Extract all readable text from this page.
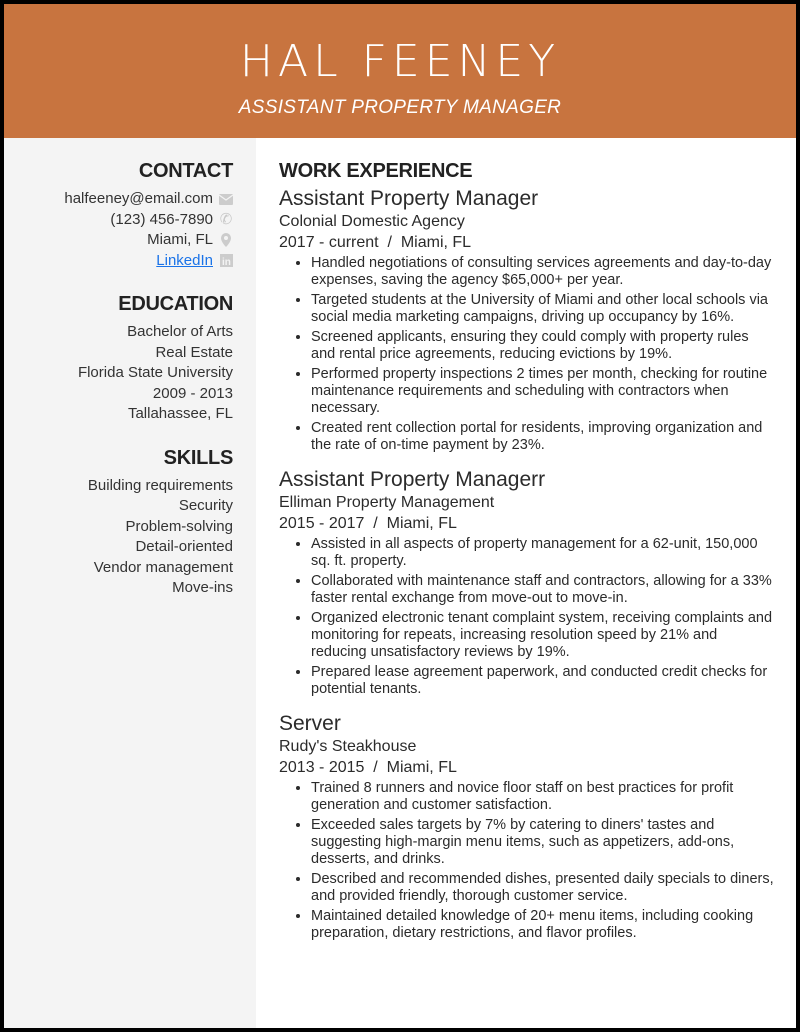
HAL FEENEY
ASSISTANT PROPERTY MANAGER
CONTACT
halfeeney@email.com
(123) 456-7890 ✆
Miami, FL
LinkedIn in
EDUCATION
Bachelor of Arts
Real Estate
Florida State University
2009 - 2013
Tallahassee, FL
SKILLS
Building requirements
Security
Problem-solving
Detail-oriented
Vendor management
Move-ins
WORK EXPERIENCE
Assistant Property Manager
Colonial Domestic Agency
2017 - current  /  Miami, FL
• Handled negotiations of consulting services agreements and day-to-day expenses, saving the agency $65,000+ per year.
• Targeted students at the University of Miami and other local schools via social media marketing campaigns, driving up occupancy by 16%.
• Screened applicants, ensuring they could comply with property rules and rental price agreements, reducing evictions by 19%.
• Performed property inspections 2 times per month, checking for routine maintenance requirements and scheduling with contractors when necessary.
• Created rent collection portal for residents, improving organization and the rate of on-time payment by 23%.
Assistant Property Managerr
Elliman Property Management
2015 - 2017  /  Miami, FL
• Assisted in all aspects of property management for a 62-unit, 150,000 sq. ft. property.
• Collaborated with maintenance staff and contractors, allowing for a 33% faster rental exchange from move-out to move-in.
• Organized electronic tenant complaint system, receiving complaints and monitoring for repeats, increasing resolution speed by 21% and reducing unsatisfactory reviews by 19%.
• Prepared lease agreement paperwork, and conducted credit checks for potential tenants.
Server
Rudy's Steakhouse
2013 - 2015  /  Miami, FL
• Trained 8 runners and novice floor staff on best practices for profit generation and customer satisfaction.
• Exceeded sales targets by 7% by catering to diners' tastes and suggesting high-margin menu items, such as appetizers, add-ons, desserts, and drinks.
• Described and recommended dishes, presented daily specials to diners, and provided friendly, thorough customer service.
• Maintained detailed knowledge of 20+ menu items, including cooking preparation, dietary restrictions, and flavor profiles.
